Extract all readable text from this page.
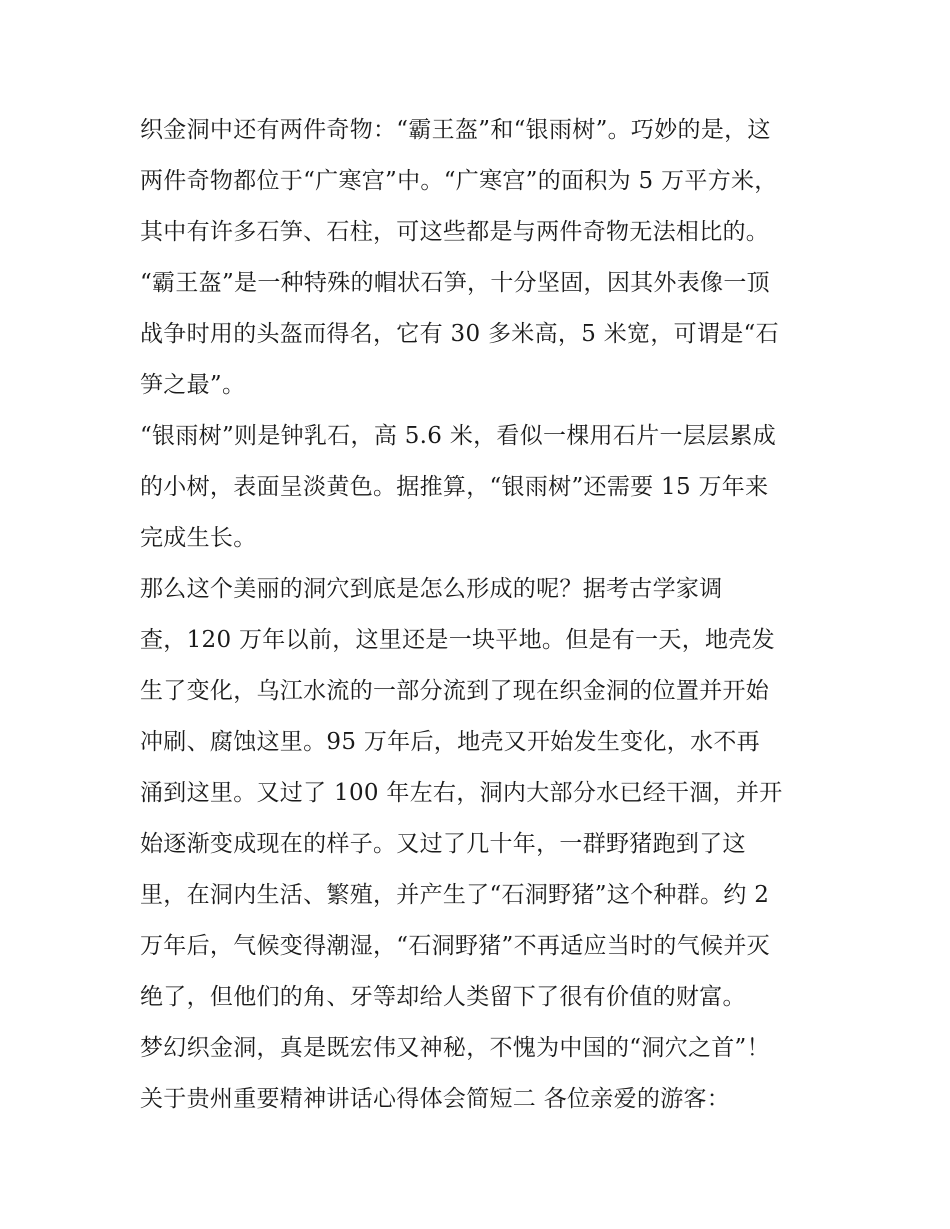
织金洞中还有两件奇物：“霸王盔”和“银雨树”。巧妙的是，这
两件奇物都位于“广寒宫”中。“广寒宫”的面积为 5 万平方米，
其中有许多石笋、石柱，可这些都是与两件奇物无法相比的。
“霸王盔”是一种特殊的帽状石笋，十分坚固，因其外表像一顶
战争时用的头盔而得名，它有 30 多米高，5 米宽，可谓是“石
笋之最”。
“银雨树”则是钟乳石，高 5.6 米，看似一棵用石片一层层累成
的小树，表面呈淡黄色。据推算，“银雨树”还需要 15 万年来
完成生长。
那么这个美丽的洞穴到底是怎么形成的呢？据考古学家调
查，120 万年以前，这里还是一块平地。但是有一天，地壳发
生了变化，乌江水流的一部分流到了现在织金洞的位置并开始
冲刷、腐蚀这里。95 万年后，地壳又开始发生变化，水不再
涌到这里。又过了 100 年左右，洞内大部分水已经干涸，并开
始逐渐变成现在的样子。又过了几十年，一群野猪跑到了这
里，在洞内生活、繁殖，并产生了“石洞野猪”这个种群。约 2
万年后，气候变得潮湿，“石洞野猪”不再适应当时的气候并灭
绝了，但他们的角、牙等却给人类留下了很有价值的财富。
梦幻织金洞，真是既宏伟又神秘，不愧为中国的“洞穴之首”！
关于贵州重要精神讲话心得体会简短二 各位亲爱的游客：
